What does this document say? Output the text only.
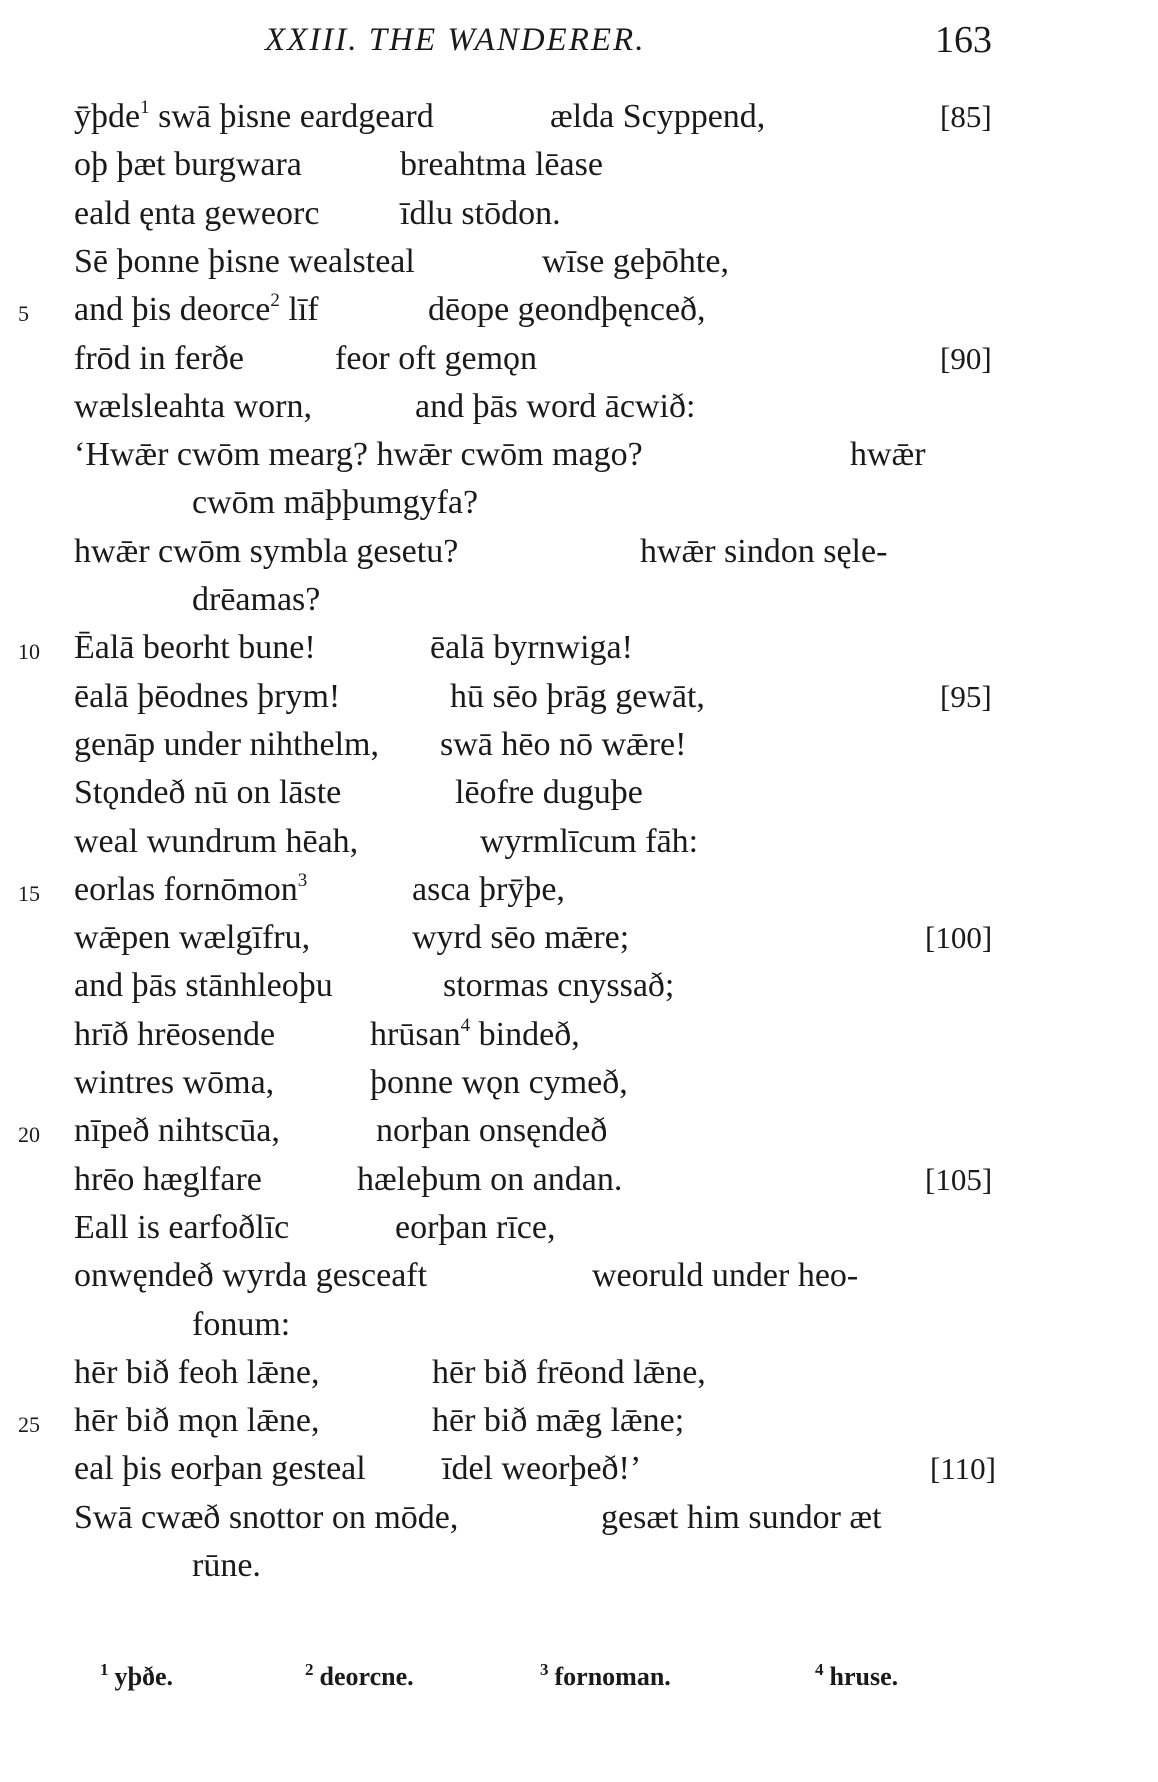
XXIII. THE WANDERER.	163
ȳþde$^1$ swā þisne eardgeard	ælda Scyppend,	[85]
oþ þæt burgwara	breahtma lēase
eald ęnta geweorc īdlu stōdon.
Sē þonne þisne wealsteal	wīse geþōhte,
5 and þis deorce$^2$ līf	dēope geondþęnceð,
frōd in ferðe	feor oft gemǫn	[90]
wælsleahta worn,	and þās word ācwið:
‘Hwǣr cwōm mearg? hwǣr cwōm mago?	hwǣr
cwōm māþþumgyfa?
hwǣr cwōm symbla gesetu?	hwǣr sindon sęle-
drēamas?
10 Ēalā beorht bune!	ēalā byrnwiga!
ēalā þēodnes þrym!	hū sēo þrāg gewāt,	[95]
genāp under nihthelm, swā hēo nō wǣre!
Stǫndeð nū on lāste	lēofre duguþe
weal wundrum hēah,	wyrmlīcum fāh:
15 eorlas fornōmon$^3$	asca þrȳþe,
wǣpen wælgīfru,	wyrd sēo mǣre;	[100]
and þās stānhleoþu	stormas cnyssað;
hrīð hrēosende	hrūsan$^4$ bindeð,
wintres wōma,	þonne wǫn cymeð,
20 nīpeð nihtscūa,	norþan onsęndeð
hrēo hæglfare	hæleþum on andan.	[105]
Eall is earfoðlīc	eorþan rīce,
onwęndeð wyrda gesceaft	weoruld under heo-
fonum:
hēr bið feoh lǣne,	hēr bið frēond lǣne,
25 hēr bið mǫn lǣne,	hēr bið mǣg lǣne;
eal þis eorþan gesteal īdel weorþeð!’	[110]
Swā cwæð snottor on mōde,	gesæt him sundor æt
rūne.
$^1$ yþðe.	$^2$ deorcne.	$^3$ fornoman.	$^4$ hruse.
